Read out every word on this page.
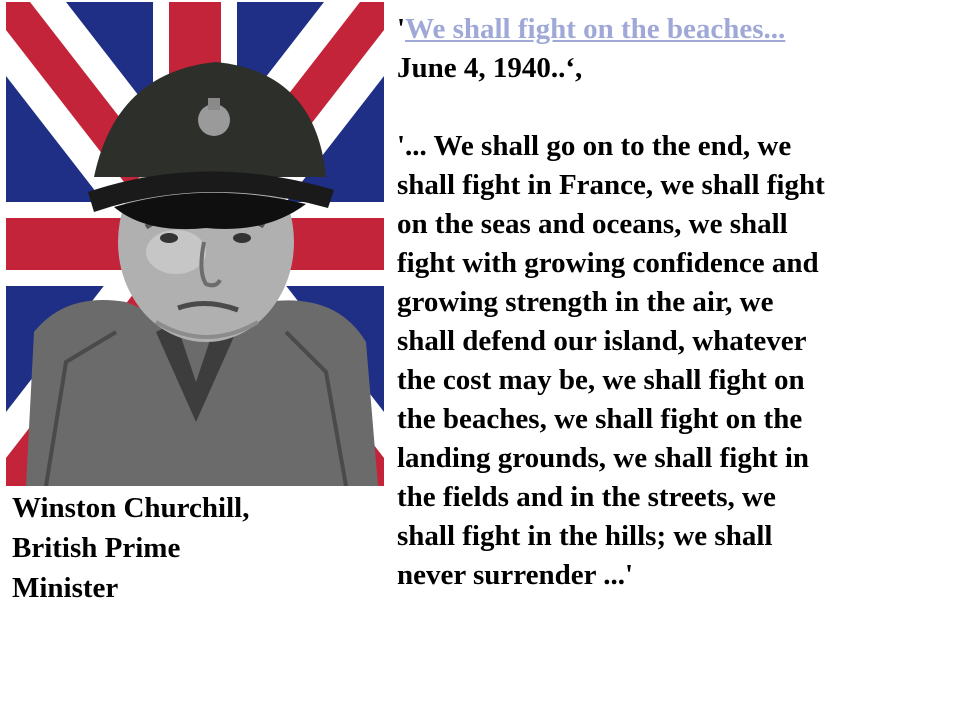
Winston Churchill,
British Prime
Minister
'We shall fight on the beaches...
June 4, 1940..‘,
'... We shall go on to the end, we
shall fight in France, we shall fight
on the seas and oceans, we shall
fight with growing confidence and
growing strength in the air, we
shall defend our island, whatever
the cost may be, we shall fight on
the beaches, we shall fight on the
landing grounds, we shall fight in
the fields and in the streets, we
shall fight in the hills; we shall
never surrender ...'
